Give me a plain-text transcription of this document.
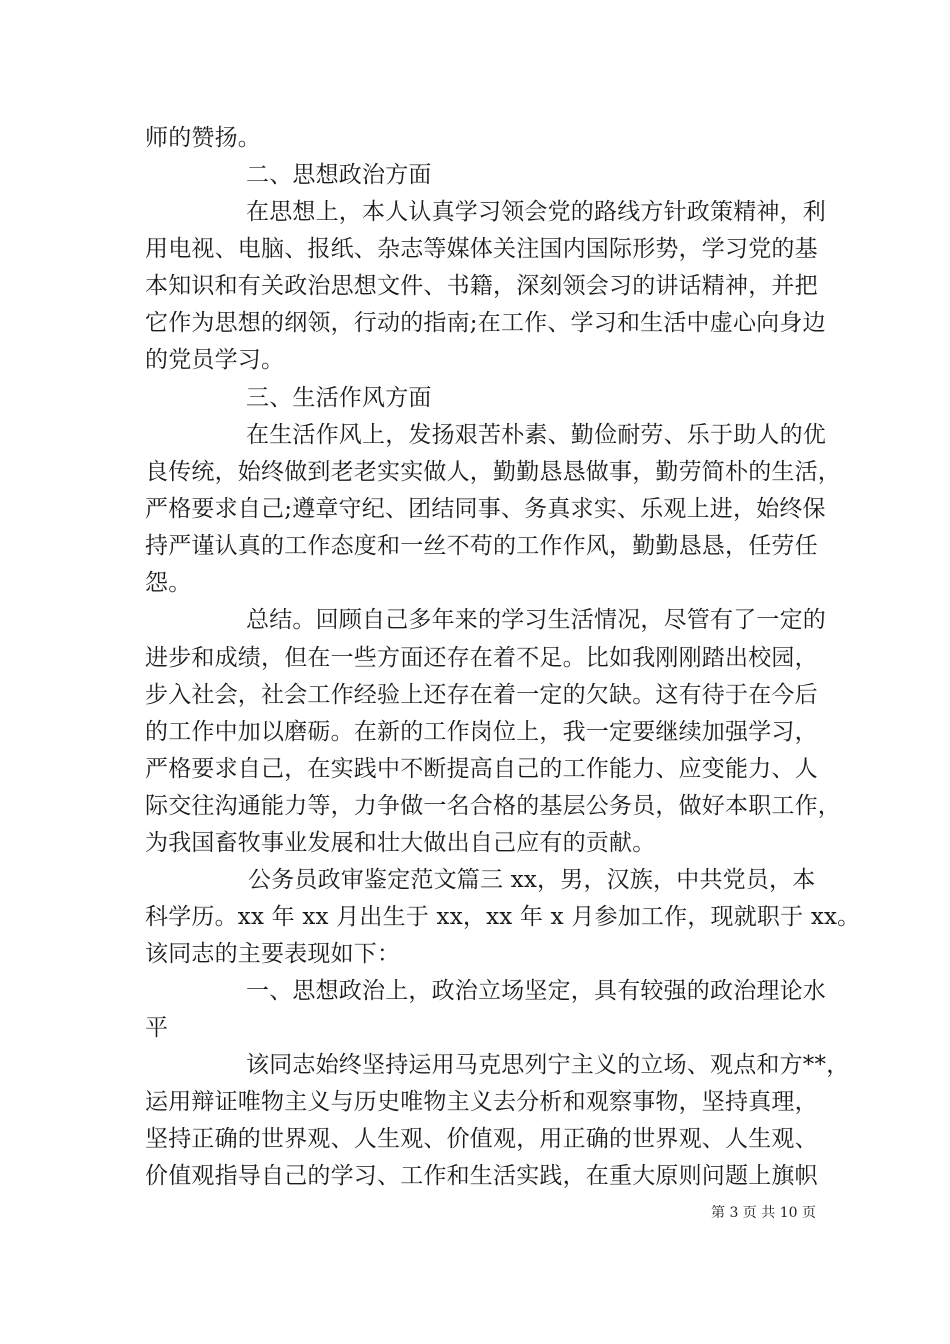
师的赞扬。
二、思想政治方面
在思想上，本人认真学习领会党的路线方针政策精神，利
用电视、电脑、报纸、杂志等媒体关注国内国际形势，学习党的基
本知识和有关政治思想文件、书籍，深刻领会习的讲话精神，并把
它作为思想的纲领，行动的指南;在工作、学习和生活中虚心向身边
的党员学习。
三、生活作风方面
在生活作风上，发扬艰苦朴素、勤俭耐劳、乐于助人的优
良传统，始终做到老老实实做人，勤勤恳恳做事，勤劳简朴的生活，
严格要求自己;遵章守纪、团结同事、务真求实、乐观上进，始终保
持严谨认真的工作态度和一丝不苟的工作作风，勤勤恳恳，任劳任
怨。
总结。回顾自己多年来的学习生活情况，尽管有了一定的
进步和成绩，但在一些方面还存在着不足。比如我刚刚踏出校园，
步入社会，社会工作经验上还存在着一定的欠缺。这有待于在今后
的工作中加以磨砺。在新的工作岗位上，我一定要继续加强学习，
严格要求自己，在实践中不断提高自己的工作能力、应变能力、人
际交往沟通能力等，力争做一名合格的基层公务员，做好本职工作，
为我国畜牧事业发展和壮大做出自己应有的贡献。
公务员政审鉴定范文篇三 xx，男，汉族，中共党员，本
科学历。xx 年 xx 月出生于 xx，xx 年 x 月参加工作，现就职于 xx。
该同志的主要表现如下：
一、思想政治上，政治立场坚定，具有较强的政治理论水
平
该同志始终坚持运用马克思列宁主义的立场、观点和方**，
运用辩证唯物主义与历史唯物主义去分析和观察事物，坚持真理，
坚持正确的世界观、人生观、价值观，用正确的世界观、人生观、
价值观指导自己的学习、工作和生活实践，在重大原则问题上旗帜
第 3 页 共 10 页
